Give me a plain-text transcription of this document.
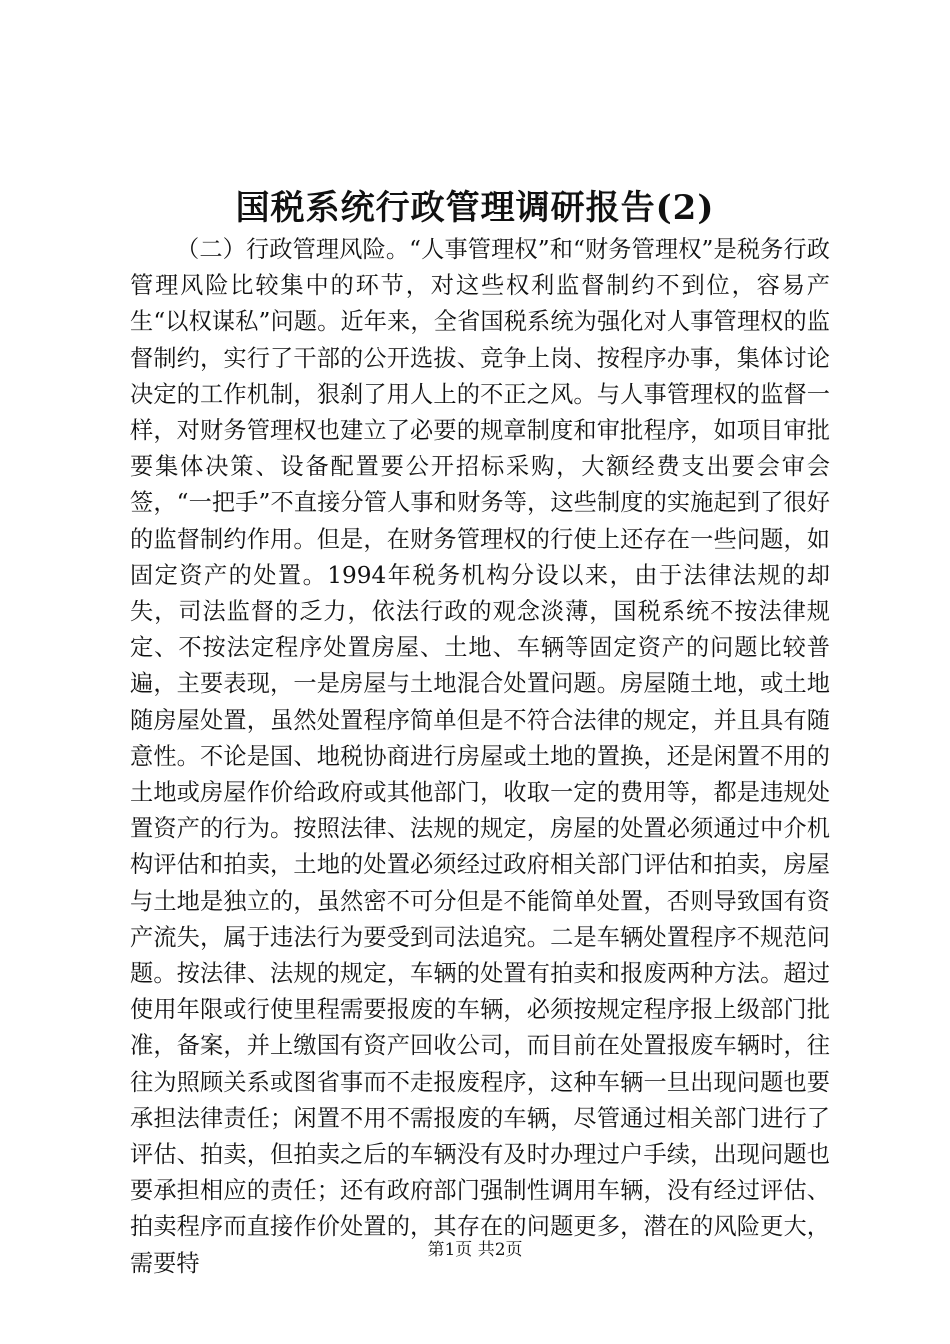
国税系统行政管理调研报告(2)

（二）行政管理风险。“人事管理权”和“财务管理权”是税务行政管理风险比较集中的环节，对这些权利监督制约不到位，容易产生“以权谋私”问题。近年来，全省国税系统为强化对人事管理权的监督制约，实行了干部的公开选拔、竞争上岗、按程序办事，集体讨论决定的工作机制，狠刹了用人上的不正之风。与人事管理权的监督一样，对财务管理权也建立了必要的规章制度和审批程序，如项目审批要集体决策、设备配置要公开招标采购，大额经费支出要会审会签，“一把手”不直接分管人事和财务等，这些制度的实施起到了很好的监督制约作用。但是，在财务管理权的行使上还存在一些问题，如固定资产的处置。1994年税务机构分设以来，由于法律法规的却失，司法监督的乏力，依法行政的观念淡薄，国税系统不按法律规定、不按法定程序处置房屋、土地、车辆等固定资产的问题比较普遍，主要表现，一是房屋与土地混合处置问题。房屋随土地，或土地随房屋处置，虽然处置程序简单但是不符合法律的规定，并且具有随意性。不论是国、地税协商进行房屋或土地的置换，还是闲置不用的土地或房屋作价给政府或其他部门，收取一定的费用等，都是违规处置资产的行为。按照法律、法规的规定，房屋的处置必须通过中介机构评估和拍卖，土地的处置必须经过政府相关部门评估和拍卖，房屋与土地是独立的，虽然密不可分但是不能简单处置，否则导致国有资产流失，属于违法行为要受到司法追究。二是车辆处置程序不规范问题。按法律、法规的规定，车辆的处置有拍卖和报废两种方法。超过使用年限或行使里程需要报废的车辆，必须按规定程序报上级部门批准，备案，并上缴国有资产回收公司，而目前在处置报废车辆时，往往为照顾关系或图省事而不走报废程序，这种车辆一旦出现问题也要承担法律责任；闲置不用不需报废的车辆，尽管通过相关部门进行了评估、拍卖，但拍卖之后的车辆没有及时办理过户手续，出现问题也要承担相应的责任；还有政府部门强制性调用车辆，没有经过评估、拍卖程序而直接作价处置的，其存在的问题更多，潜在的风险更大，需要特	第1页 共2页
